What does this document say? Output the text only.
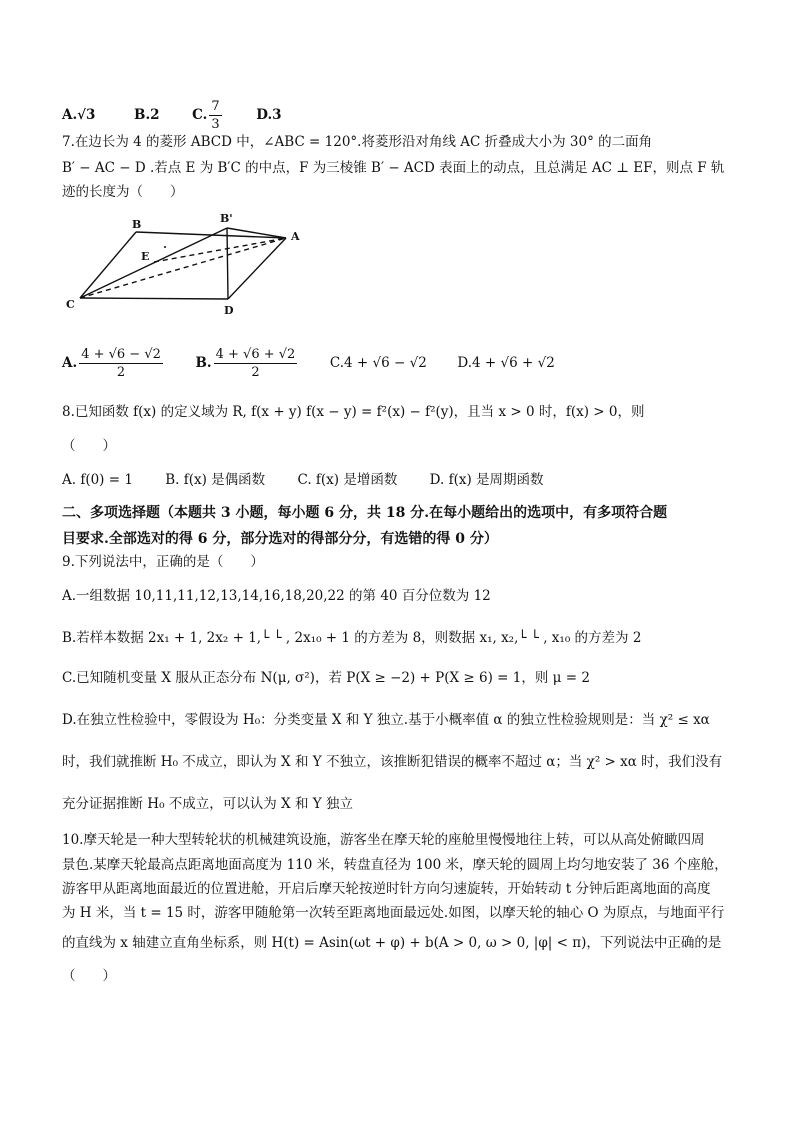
A.√3	B.2 C. $\frac{7}{3}$	D.3
7.在边长为 4 的菱形 ABCD 中，∠ABC = 120°.将菱形沿对角线 AC 折叠成大小为 30° 的二面角
B′ − AC − D .若点 E 为 B′C 的中点，F 为三棱锥 B′ − ACD 表面上的动点，且总满足 AC ⊥ EF，则点 F 轨
迹的长度为（　　）
B	B'
A
E
C	D
A. $\frac{4 + √6 - √2}{2} B$. $\frac{4 + √6 + √2}{2} C.4 + √6 - √2$ D.4 + √6 + √2
8.已知函数 f(x) 的定义域为 R, f(x + y) f(x − y) = f²(x) − f²(y)，且当 x > 0 时，f(x) > 0，则
（　　）
A. f(0) = 1 B. f(x) 是偶函数 C. f(x) 是增函数 D. f(x) 是周期函数
二、多项选择题（本题共 3 小题，每小题 6 分，共 18 分.在每小题给出的选项中，有多项符合题
目要求.全部选对的得 6 分，部分选对的得部分分，有选错的得 0 分）
9.下列说法中，正确的是（　　）
A.一组数据 10,11,11,12,13,14,16,18,20,22 的第 40 百分位数为 12
B.若样本数据 2x₁ + 1, 2x₂ + 1,└ └ , 2x₁₀ + 1 的方差为 8，则数据 x₁, x₂,└ └ , x₁₀ 的方差为 2
C.已知随机变量 X 服从正态分布 N(μ, σ²)，若 P(X ≥ −2) + P(X ≥ 6) = 1，则 μ = 2
D.在独立性检验中，零假设为 H₀：分类变量 X 和 Y 独立.基于小概率值 α 的独立性检验规则是：当 χ² ≤ xα
时，我们就推断 H₀ 不成立，即认为 X 和 Y 不独立，该推断犯错误的概率不超过 α；当 χ² > xα 时，我们没有
充分证据推断 H₀ 不成立，可以认为 X 和 Y 独立
10.摩天轮是一种大型转轮状的机械建筑设施，游客坐在摩天轮的座舱里慢慢地往上转，可以从高处俯瞰四周
景色.某摩天轮最高点距离地面高度为 110 米，转盘直径为 100 米，摩天轮的圆周上均匀地安装了 36 个座舱，
游客甲从距离地面最近的位置进舱，开启后摩天轮按逆时针方向匀速旋转，开始转动 t 分钟后距离地面的高度
为 H 米，当 t = 15 时，游客甲随舱第一次转至距离地面最远处.如图，以摩天轮的轴心 O 为原点，与地面平行
的直线为 x 轴建立直角坐标系，则 H(t) = Asin(ωt + φ) + b(A > 0, ω > 0, |φ| < π)，下列说法中正确的是
（　　）
